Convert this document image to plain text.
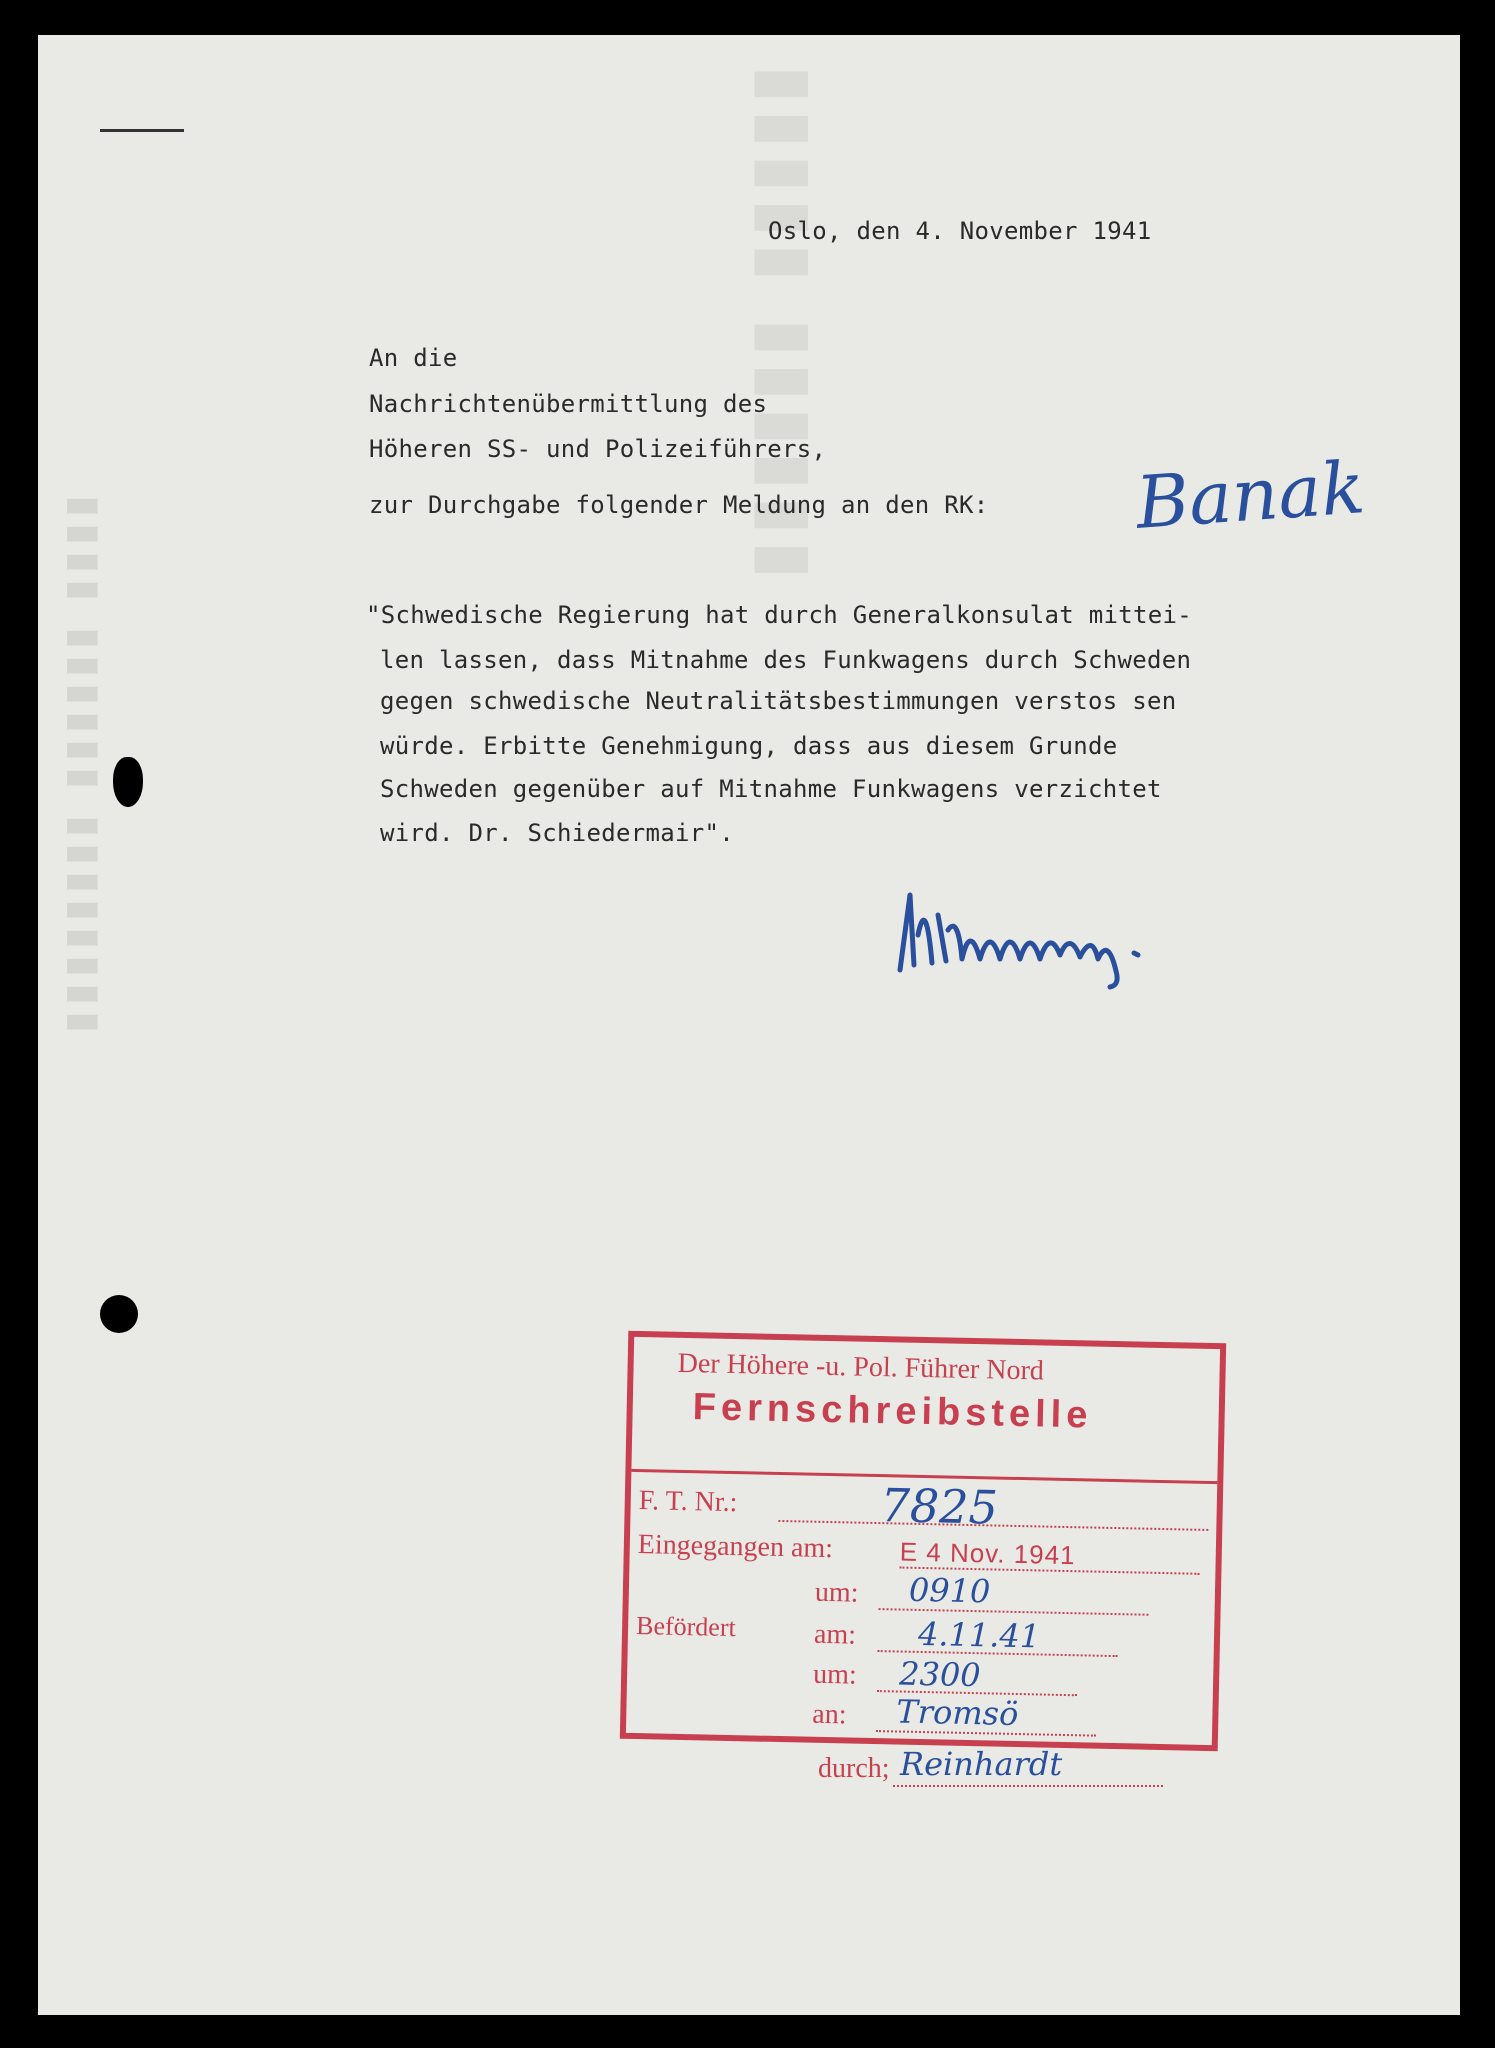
▮▮▮▮ ▮▮▮▮▮▮ ▮▮▮▮▮▮▮▮
▮▮▮▮▮ ▮▮▮▮▮▮
Oslo, den 4. November 1941
An die
Nachrichtenübermittlung des
Höheren SS- und Polizeiführers,
zur Durchgabe folgender Meldung an den RK: Banak
"Schwedische Regierung hat durch Generalkonsulat mittei-
len lassen, dass Mitnahme des Funkwagens durch Schweden
gegen schwedische Neutralitätsbestimmungen verstos sen
würde. Erbitte Genehmigung, dass aus diesem Grunde
Schweden gegenüber auf Mitnahme Funkwagens verzichtet
wird. Dr. Schiedermair".
Der Höhere -u. Pol. Führer Nord
Fernschreibstelle
F. T. Nr.:	7825
Eingegangen am:	E 4 Nov. 1941
um: 0910
Befördert	am: 4.11.41
um: 2300
an: Tromsö
durch; Reinhardt
